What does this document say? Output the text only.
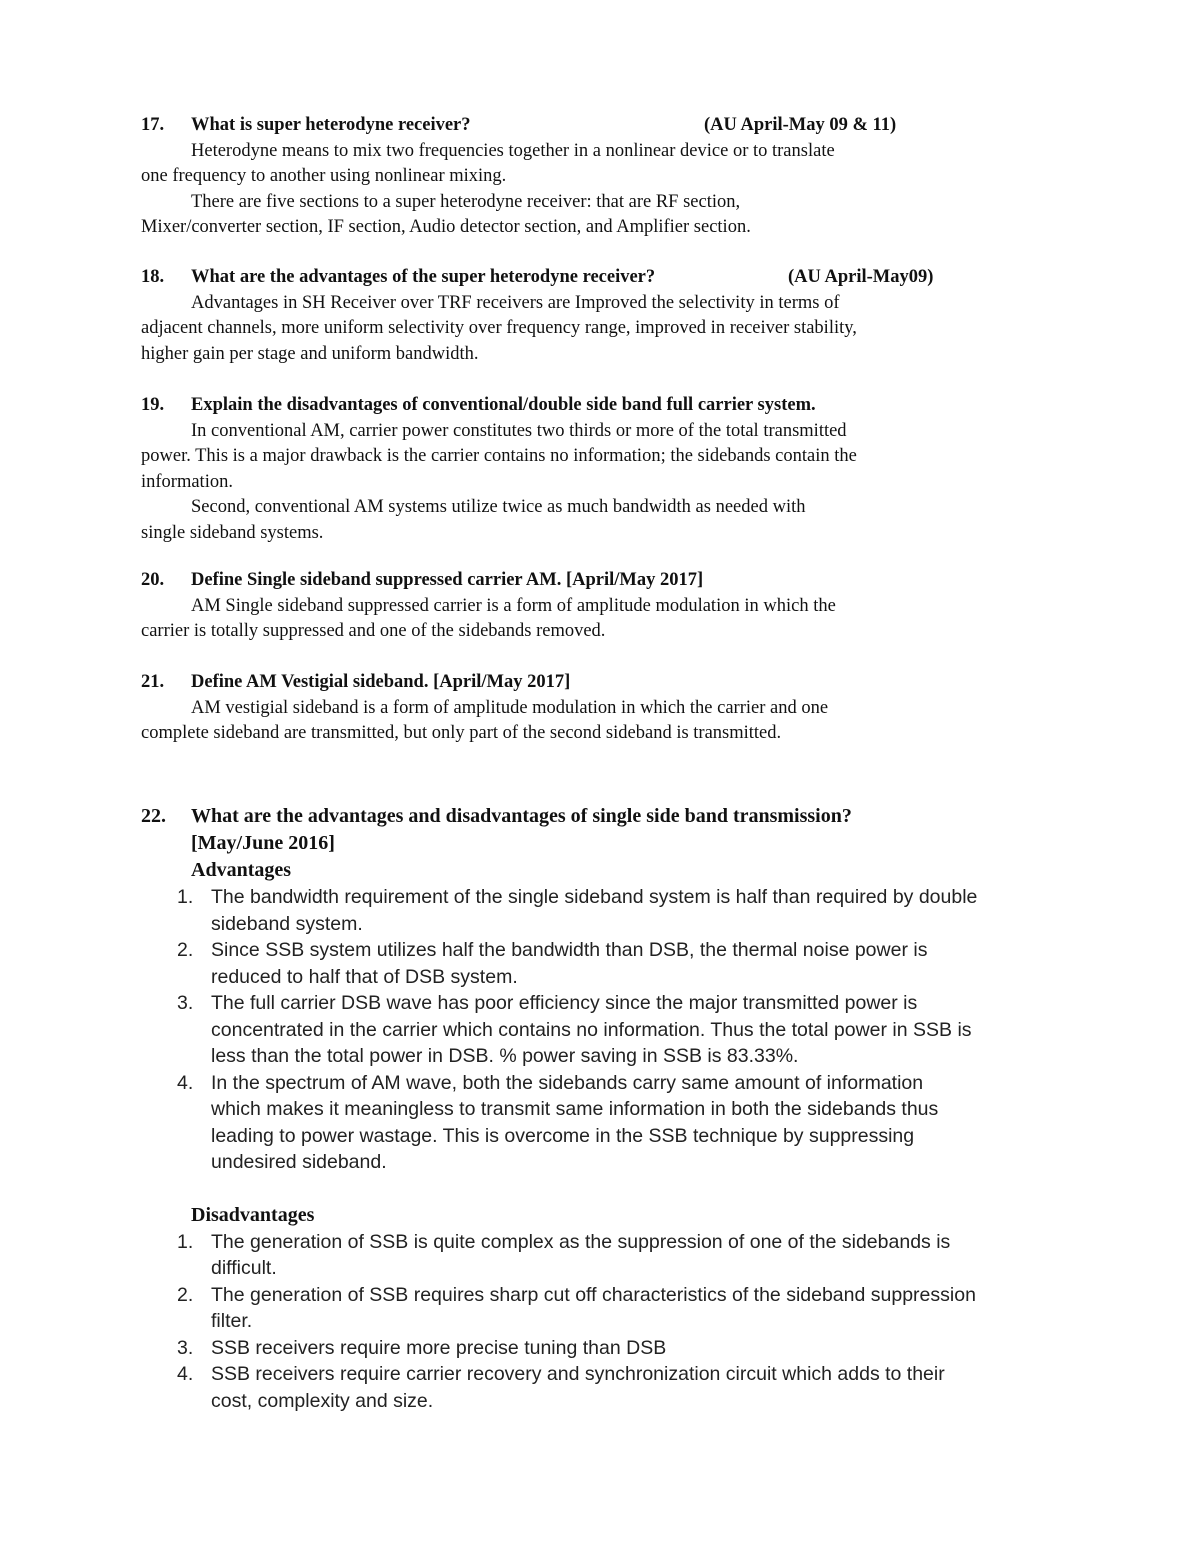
17. What is super heterodyne receiver?	(AU April-May 09 & 11)

Heterodyne means to mix two frequencies together in a nonlinear device or to translate

one frequency to another using nonlinear mixing.

There are five sections to a super heterodyne receiver: that are RF section,

Mixer/converter section, IF section, Audio detector section, and Amplifier section.

18. What are the advantages of the super heterodyne receiver?	(AU April-May09)

Advantages in SH Receiver over TRF receivers are Improved the selectivity in terms of

adjacent channels, more uniform selectivity over frequency range, improved in receiver stability,

higher gain per stage and uniform bandwidth.

19. Explain the disadvantages of conventional/double side band full carrier system.

In conventional AM, carrier power constitutes two thirds or more of the total transmitted

power. This is a major drawback is the carrier contains no information; the sidebands contain the

information.

Second, conventional AM systems utilize twice as much bandwidth as needed with

single sideband systems.

20. Define Single sideband suppressed carrier AM. [April/May 2017]

AM Single sideband suppressed carrier is a form of amplitude modulation in which the

carrier is totally suppressed and one of the sidebands removed.

21. Define AM Vestigial sideband. [April/May 2017]

AM vestigial sideband is a form of amplitude modulation in which the carrier and one

complete sideband are transmitted, but only part of the second sideband is transmitted.

22.	What are the advantages and disadvantages of single side band transmission?
[May/June 2016]
Advantages
1. The bandwidth requirement of the single sideband system is half than required by double
sideband system.
2. Since SSB system utilizes half the bandwidth than DSB, the thermal noise power is
reduced to half that of DSB system.
3. The full carrier DSB wave has poor efficiency since the major transmitted power is
concentrated in the carrier which contains no information. Thus the total power in SSB is
less than the total power in DSB. % power saving in SSB is 83.33%.
4. In the spectrum of AM wave, both the sidebands carry same amount of information
which makes it meaningless to transmit same information in both the sidebands thus
leading to power wastage. This is overcome in the SSB technique by suppressing
undesired sideband.
Disadvantages
1. The generation of SSB is quite complex as the suppression of one of the sidebands is
difficult.
2. The generation of SSB requires sharp cut off characteristics of the sideband suppression
filter.
3. SSB receivers require more precise tuning than DSB
4. SSB receivers require carrier recovery and synchronization circuit which adds to their
cost, complexity and size.
